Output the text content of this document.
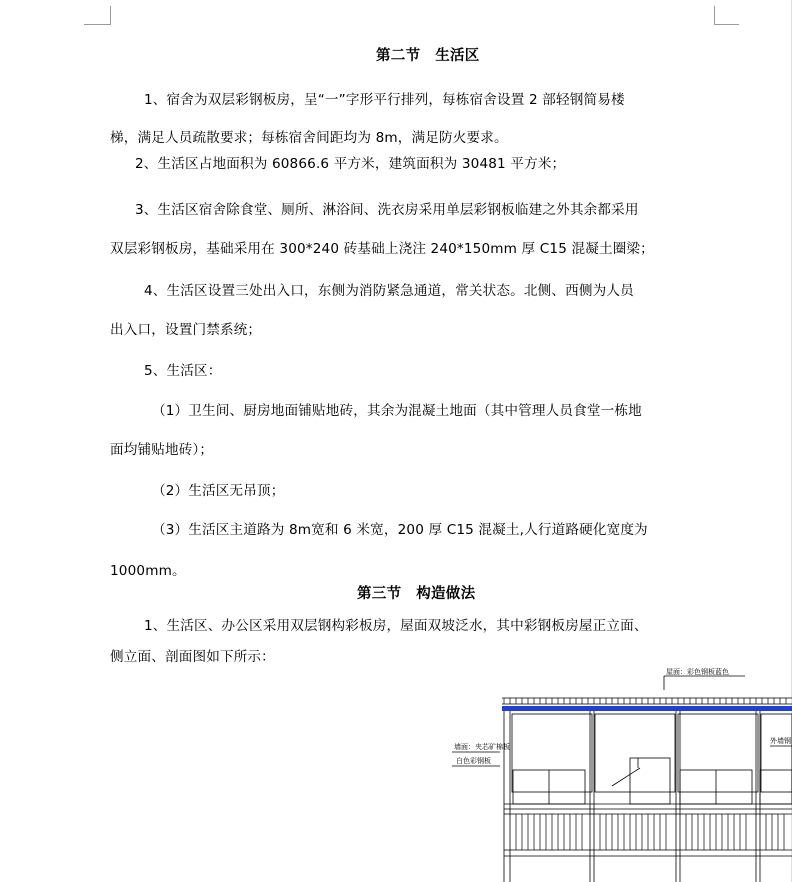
第二节　生活区
1、宿舍为双层彩钢板房，呈“一”字形平行排列，每栋宿舍设置 2 部轻钢简易楼
梯，满足人员疏散要求；每栋宿舍间距均为 8m，满足防火要求。
2、生活区占地面积为 60866.6 平方米，建筑面积为 30481 平方米；
3、生活区宿舍除食堂、厕所、淋浴间、洗衣房采用单层彩钢板临建之外其余都采用
双层彩钢板房，基础采用在 300*240 砖基础上浇注 240*150mm 厚 C15 混凝土圈梁；
4、生活区设置三处出入口，东侧为消防紧急通道，常关状态。北侧、西侧为人员
出入口，设置门禁系统；
5、生活区：
（1）卫生间、厨房地面铺贴地砖，其余为混凝土地面（其中管理人员食堂一栋地
面均铺贴地砖）；
（2）生活区无吊顶；
（3）生活区主道路为 8m宽和 6 米宽，200 厚 C15 混凝土,人行道路硬化宽度为
1000mm。
第三节　构造做法
1、生活区、办公区采用双层钢构彩板房，屋面双坡泛水，其中彩钢板房屋正立面、
侧立面、剖面图如下所示：
屋面：彩色钢板蓝色
墙面：夹芯矿棉板
白色彩钢板
外墙钢
